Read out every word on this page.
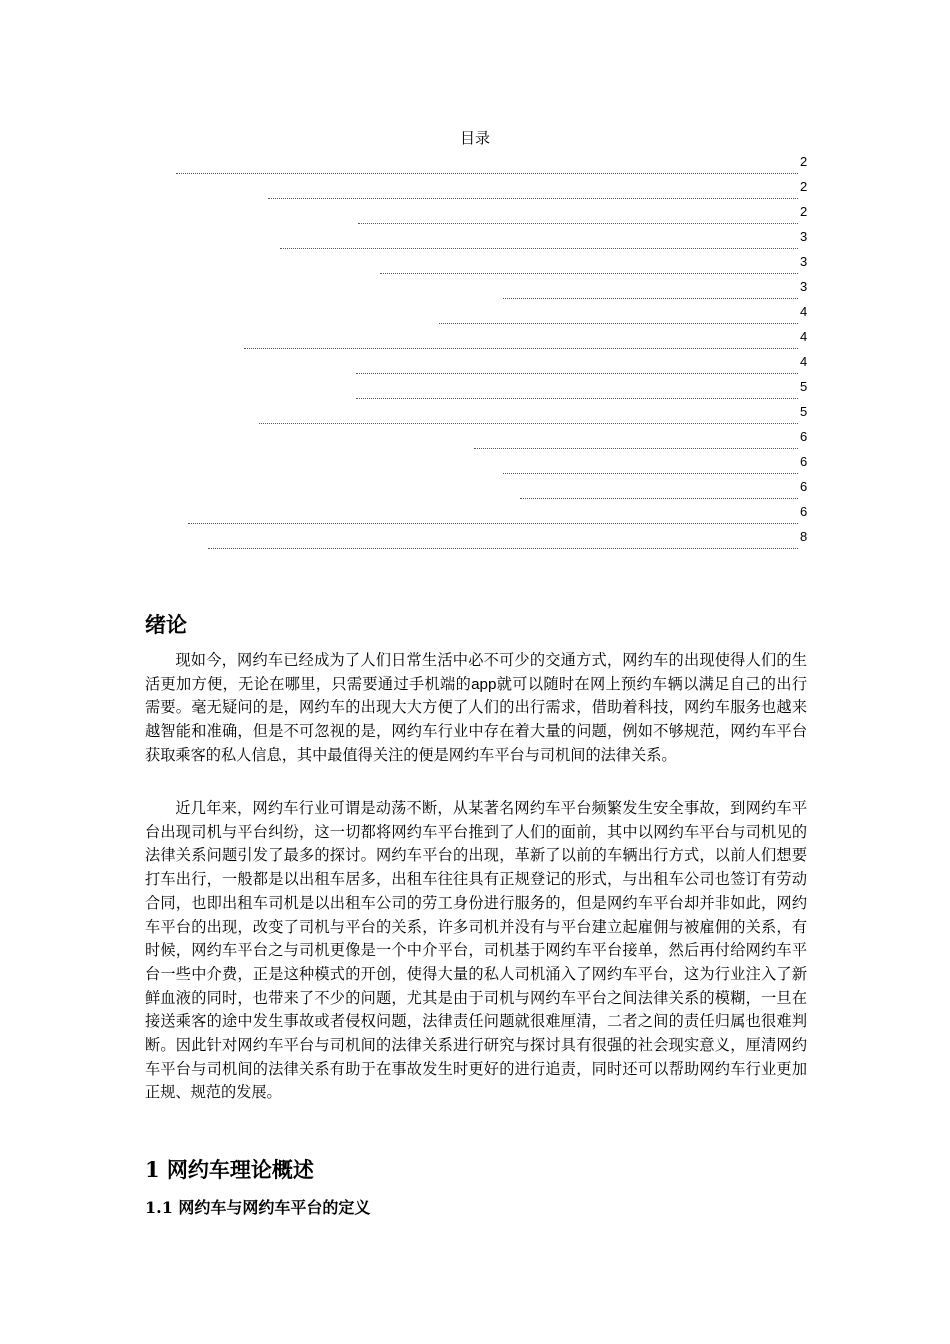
目录
2
2
2
3
3
3
4
4
4
5
5
6
6
6
6
8
绪论

现如今，网约车已经成为了人们日常生活中必不可少的交通方式，网约车的出现使得人们的生活更加方便，无论在哪里，只需要通过手机端的app就可以随时在网上预约车辆以满足自己的出行需要。毫无疑问的是，网约车的出现大大方便了人们的出行需求，借助着科技，网约车服务也越来越智能和准确，但是不可忽视的是，网约车行业中存在着大量的问题，例如不够规范，网约车平台获取乘客的私人信息，其中最值得关注的便是网约车平台与司机间的法律关系。

近几年来，网约车行业可谓是动荡不断，从某著名网约车平台频繁发生安全事故，到网约车平台出现司机与平台纠纷，这一切都将网约车平台推到了人们的面前，其中以网约车平台与司机见的法律关系问题引发了最多的探讨。网约车平台的出现，革新了以前的车辆出行方式，以前人们想要打车出行，一般都是以出租车居多，出租车往往具有正规登记的形式，与出租车公司也签订有劳动合同，也即出租车司机是以出租车公司的劳工身份进行服务的，但是网约车平台却并非如此，网约车平台的出现，改变了司机与平台的关系，许多司机并没有与平台建立起雇佣与被雇佣的关系，有时候，网约车平台之与司机更像是一个中介平台，司机基于网约车平台接单，然后再付给网约车平台一些中介费，正是这种模式的开创，使得大量的私人司机涌入了网约车平台，这为行业注入了新鲜血液的同时，也带来了不少的问题，尤其是由于司机与网约车平台之间法律关系的模糊，一旦在接送乘客的途中发生事故或者侵权问题，法律责任问题就很难厘清，二者之间的责任归属也很难判断。因此针对网约车平台与司机间的法律关系进行研究与探讨具有很强的社会现实意义，厘清网约车平台与司机间的法律关系有助于在事故发生时更好的进行追责，同时还可以帮助网约车行业更加正规、规范的发展。

1 网约车理论概述
1.1 网约车与网约车平台的定义
